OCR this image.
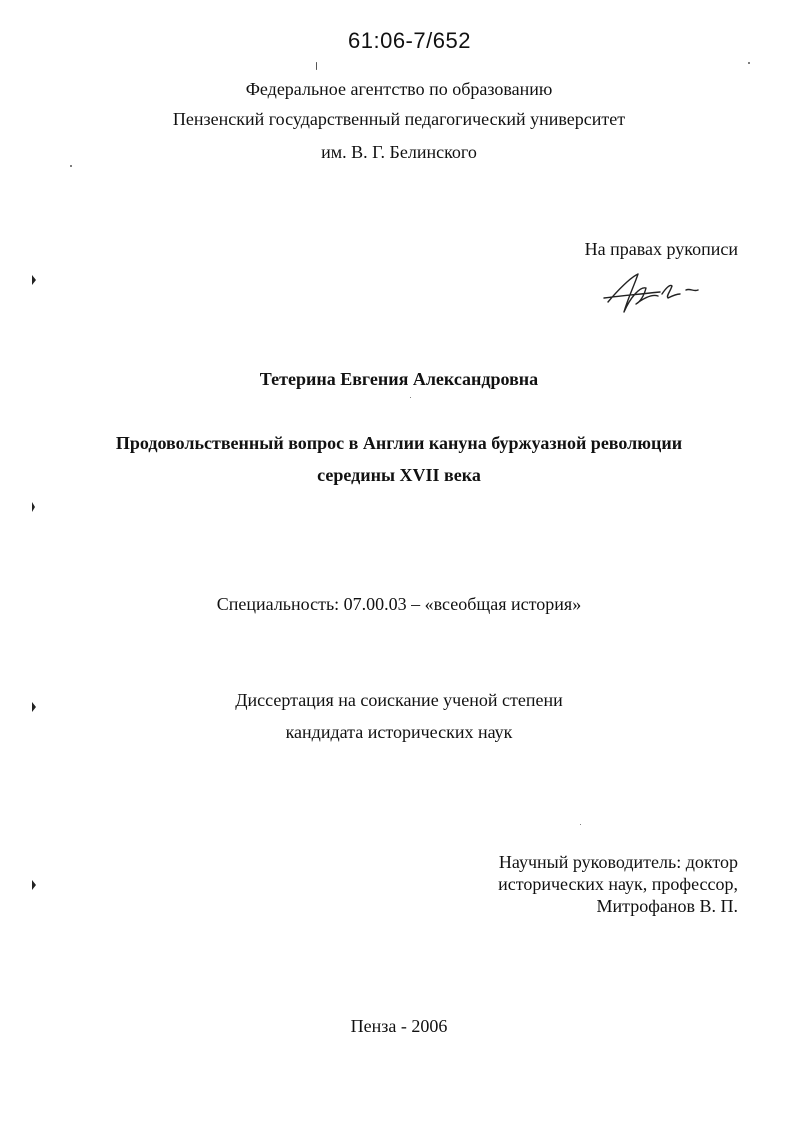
61:06-7/652
Федеральное агентство по образованию
Пензенский государственный педагогический университет
им. В. Г. Белинского
На правах рукописи
Тетерина Евгения Александровна
Продовольственный вопрос в Англии кануна буржуазной революции
середины XVII века
Специальность: 07.00.03 – «всеобщая история»
Диссертация на соискание ученой степени
кандидата исторических наук
Научный руководитель: доктор
исторических наук, профессор,
Митрофанов В. П.
Пенза - 2006
